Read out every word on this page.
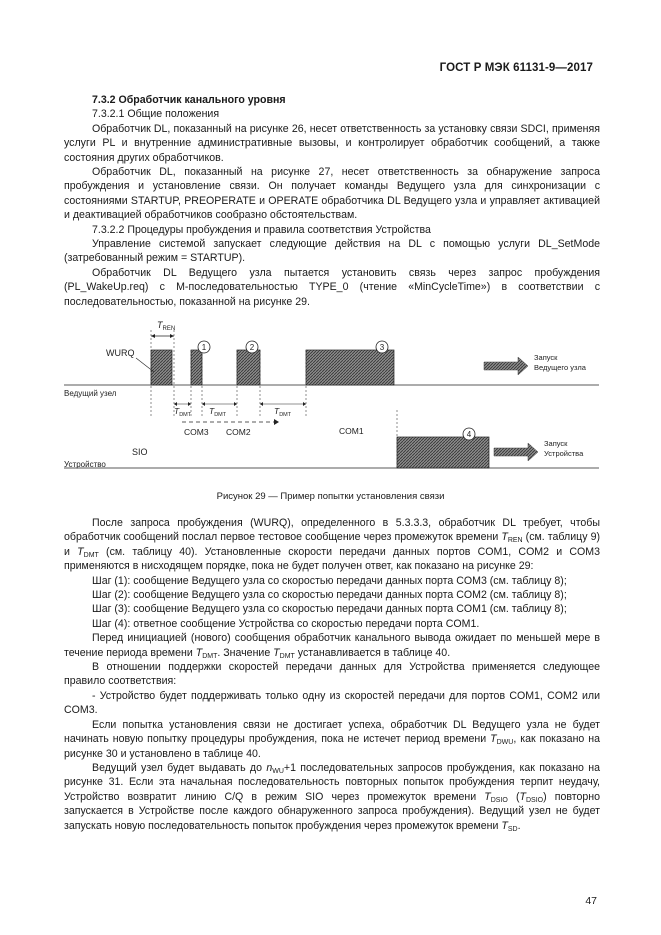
ГОСТ Р МЭК 61131-9—2017

7.3.2 Обработчик канального уровня

7.3.2.1 Общие положения

Обработчик DL, показанный на рисунке 26, несет ответственность за установку связи SDCI, применяя услуги PL и внутренние административные вызовы, и контролирует обработчик сообщений, а также состояния других обработчиков.

Обработчик DL, показанный на рисунке 27, несет ответственность за обнаружение запроса пробуждения и установление связи. Он получает команды Ведущего узла для синхронизации с состояниями STARTUP, PREOPERATE и OPERATE обработчика DL Ведущего узла и управляет активацией и деактивацией обработчиков сообразно обстоятельствам.

7.3.2.2 Процедуры пробуждения и правила соответствия Устройства

Управление системой запускает следующие действия на DL с помощью услуги DL_SetMode (затребованный режим = STARTUP).

Обработчик DL Ведущего узла пытается установить связь через запрос пробуждения (PL_WakeUp.req) с M-последовательностью TYPE_0 (чтение «MinCycleTime») в соответствии с последовательностью, показанной на рисунке 29.

$T_{REN}$
WURQ
1	2	3
4
Ведущий узел
Устройство
SIO
$T_{DMT}$ $T_{DMT}$	$T_{DMT}$
COM3 COM2	COM1
Запуск
Ведущего узла
Запуск
Устройства
Рисунок 29 — Пример попытки установления связи

После запроса пробуждения (WURQ), определенного в 5.3.3.3, обработчик DL требует, чтобы обработчик сообщений послал первое тестовое сообщение через промежуток времени $T_{REN}$ (см. таблицу 9) и $T_{DMT}$ (см. таблицу 40). Установленные скорости передачи данных портов COM1, COM2 и COM3 применяются в нисходящем порядке, пока не будет получен ответ, как показано на рисунке 29:

Шаг (1): сообщение Ведущего узла со скоростью передачи данных порта COM3 (см. таблицу 8);

Шаг (2): сообщение Ведущего узла со скоростью передачи данных порта COM2 (см. таблицу 8);

Шаг (3): сообщение Ведущего узла со скоростью передачи данных порта COM1 (см. таблицу 8);

Шаг (4): ответное сообщение Устройства со скоростью передачи порта COM1.

Перед инициацией (нового) сообщения обработчик канального вывода ожидает по меньшей мере в течение периода времени $T_{DMT}$. Значение $T_{DMT}$ устанавливается в таблице 40.

В отношении поддержки скоростей передачи данных для Устройства применяется следующее правило соответствия:

- Устройство будет поддерживать только одну из скоростей передачи для портов COM1, COM2 или COM3.

Если попытка установления связи не достигает успеха, обработчик DL Ведущего узла не будет начинать новую попытку процедуры пробуждения, пока не истечет период времени $T_{DWU}$, как показано на рисунке 30 и установлено в таблице 40.

Ведущий узел будет выдавать до $n_{WU}+1$ последовательных запросов пробуждения, как показано на рисунке 31. Если эта начальная последовательность повторных попыток пробуждения терпит неудачу, Устройство возвратит линию C/Q в режим SIO через промежуток времени $T_{DSIO}$ $(T_{DSIO})$ повторно запускается в Устройстве после каждого обнаруженного запроса пробуждения). Ведущий узел не будет запускать новую последовательность попыток пробуждения через промежуток времени $T_{SD}$.

47
